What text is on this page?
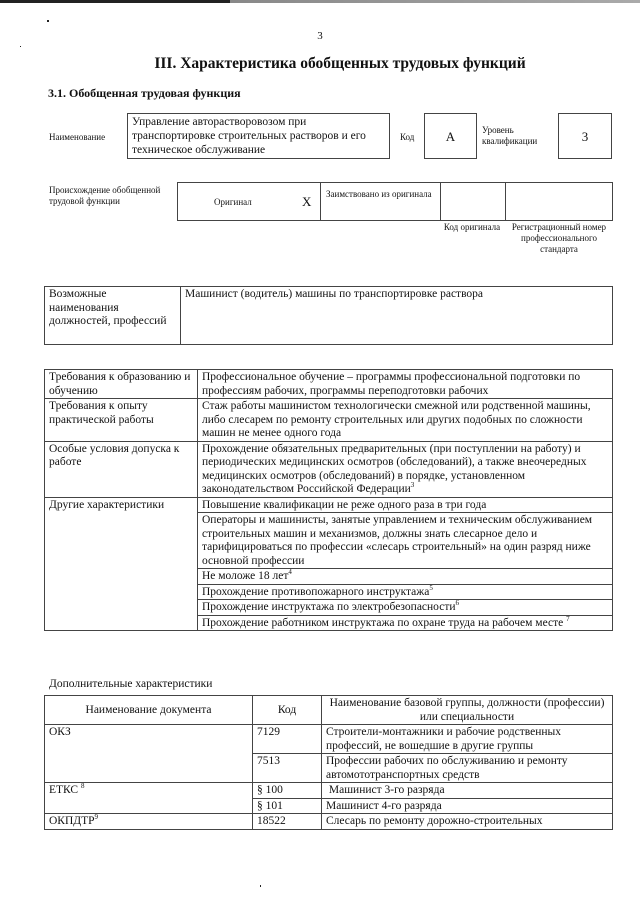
3
III. Характеристика обобщенных трудовых функций
3.1. Обобщенная трудовая функция
Наименование
Управление авторастворовозом при транспортировке строительных растворов и его техническое обслуживание
Код	A	Уровень квалификации	3
Происхождение обобщенной трудовой функции	Оригинал	X Заимствовано из оригинала
Код оригинала	Регистрационный номер профессионального стандарта
Возможные наименования должностей, профессий	Машинист (водитель) машины по транспортировке раствора
Требования к образованию и обучению	Профессиональное обучение – программы профессиональной подготовки по профессиям рабочих, программы переподготовки рабочих
Требования к опыту практической работы	Стаж работы машинистом технологически смежной или родственной машины, либо слесарем по ремонту строительных или других подобных по сложности машин не менее одного года
Особые условия допуска к работе	Прохождение обязательных предварительных (при поступлении на работу) и периодических медицинских осмотров (обследований), а также внеочередных медицинских осмотров (обследований) в порядке, установленном законодательством Российской Федерации$^3$
Другие характеристики	Повышение квалификации не реже одного раза в три года
	Операторы и машинисты, занятые управлением и техническим обслуживанием строительных машин и механизмов, должны знать слесарное дело и тарифицироваться по профессии «слесарь строительный» на один разряд ниже основной профессии
	Не моложе 18 лет$^4$
	Прохождение противопожарного инструктажа$^5$
	Прохождение инструктажа по электробезопасности$^6$
	Прохождение работником инструктажа по охране труда на рабочем месте $^7$
Дополнительные характеристики
Наименование документа	Код	Наименование базовой группы, должности (профессии) или специальности
ОКЗ	7129	Строители-монтажники и рабочие родственных профессий, не вошедшие в другие группы
	7513	Профессии рабочих по обслуживанию и ремонту автомототранспортных средств
ЕТКС $^8$	§ 100	Машинист 3-го разряда
	§ 101	Машинист 4-го разряда
ОКПДТР$^9$	18522	Слесарь по ремонту дорожно-строительных
